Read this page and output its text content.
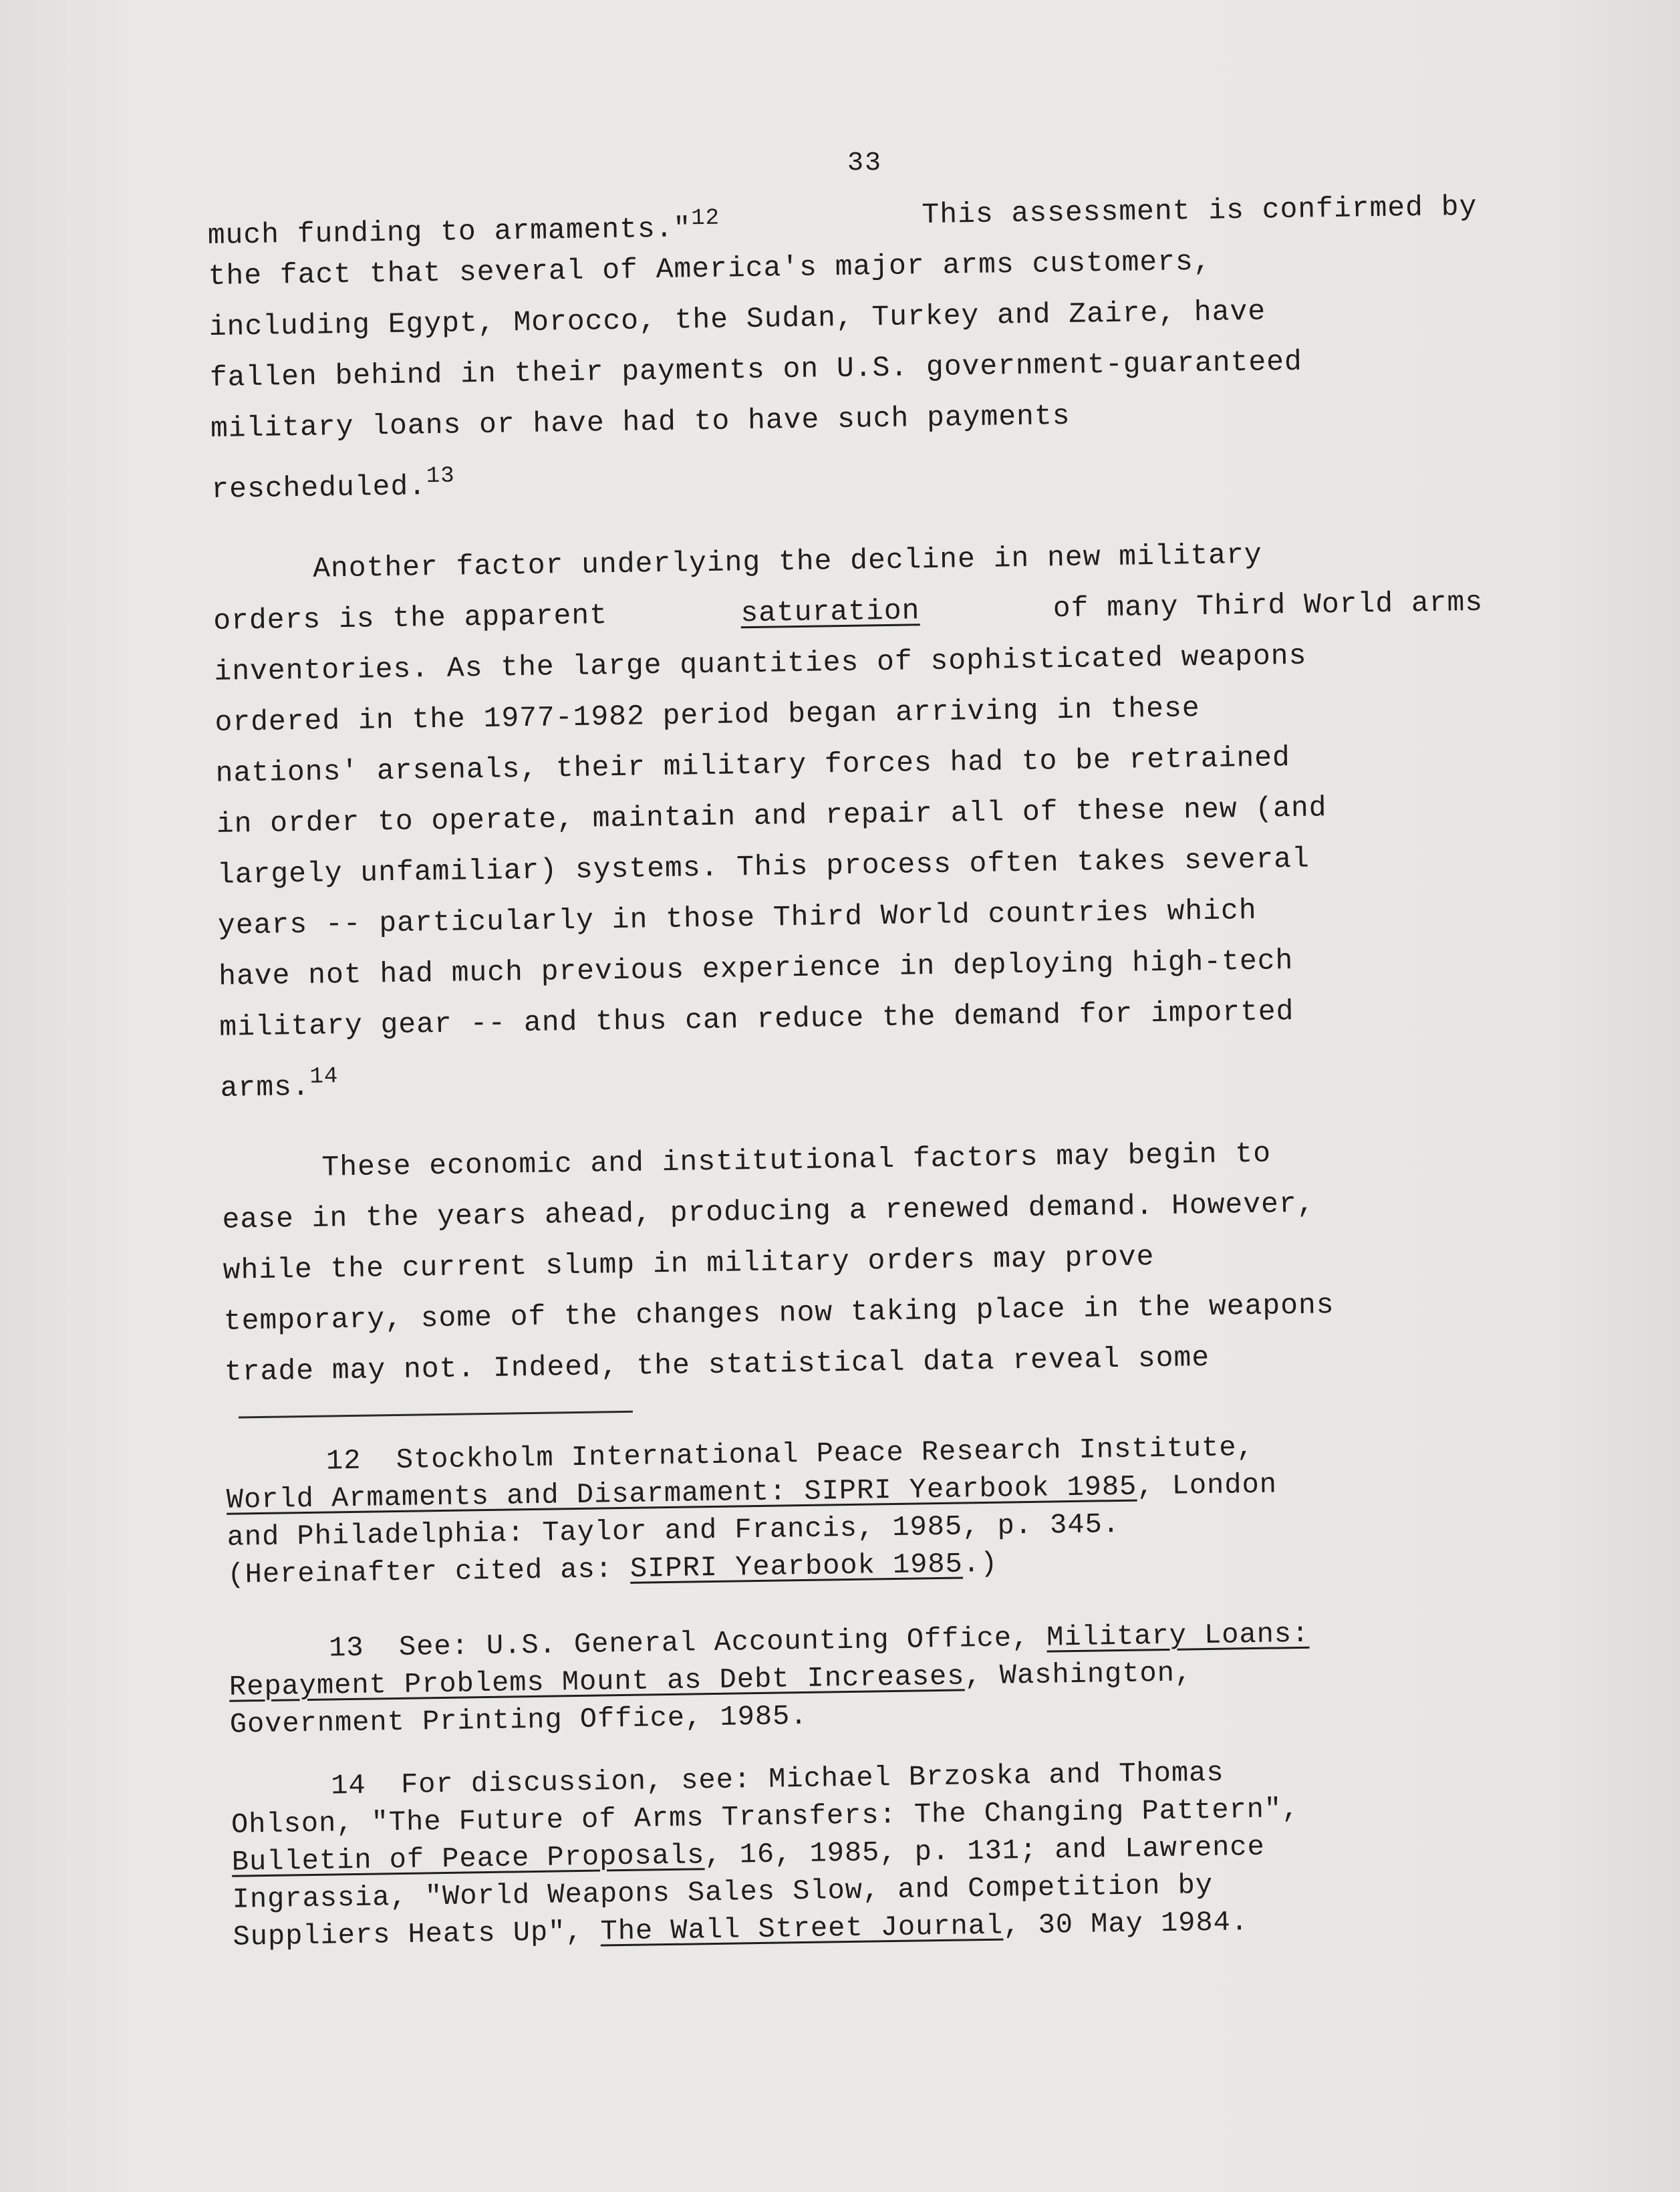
33
much funding to armaments."$^{12}$	This assessment is confirmed by
the fact that several of America's major arms customers,
including Egypt, Morocco, the Sudan, Turkey and Zaire, have
fallen behind in their payments on U.S. government-guaranteed
military loans or have had to have such payments
rescheduled.$^{13}$
Another factor underlying the decline in new military
orders is the apparent	saturation	of many Third World arms
inventories. As the large quantities of sophisticated weapons
ordered in the 1977-1982 period began arriving in these
nations' arsenals, their military forces had to be retrained
in order to operate, maintain and repair all of these new (and
largely unfamiliar) systems. This process often takes several
years -- particularly in those Third World countries which
have not had much previous experience in deploying high-tech
military gear -- and thus can reduce the demand for imported
arms.$^{14}$
These economic and institutional factors may begin to
ease in the years ahead, producing a renewed demand. However,
while the current slump in military orders may prove
temporary, some of the changes now taking place in the weapons
trade may not. Indeed, the statistical data reveal some
12 Stockholm International Peace Research Institute,
World Armaments and Disarmament: SIPRI Yearbook 1985, London
and Philadelphia: Taylor and Francis, 1985, p. 345.
(Hereinafter cited as: SIPRI Yearbook 1985.)
13 See: U.S. General Accounting Office, Military Loans:
Repayment Problems Mount as Debt Increases, Washington,
Government Printing Office, 1985.
14 For discussion, see: Michael Brzoska and Thomas
Ohlson, "The Future of Arms Transfers: The Changing Pattern",
Bulletin of Peace Proposals, 16, 1985, p. 131; and Lawrence
Ingrassia, "World Weapons Sales Slow, and Competition by
Suppliers Heats Up", The Wall Street Journal, 30 May 1984.
